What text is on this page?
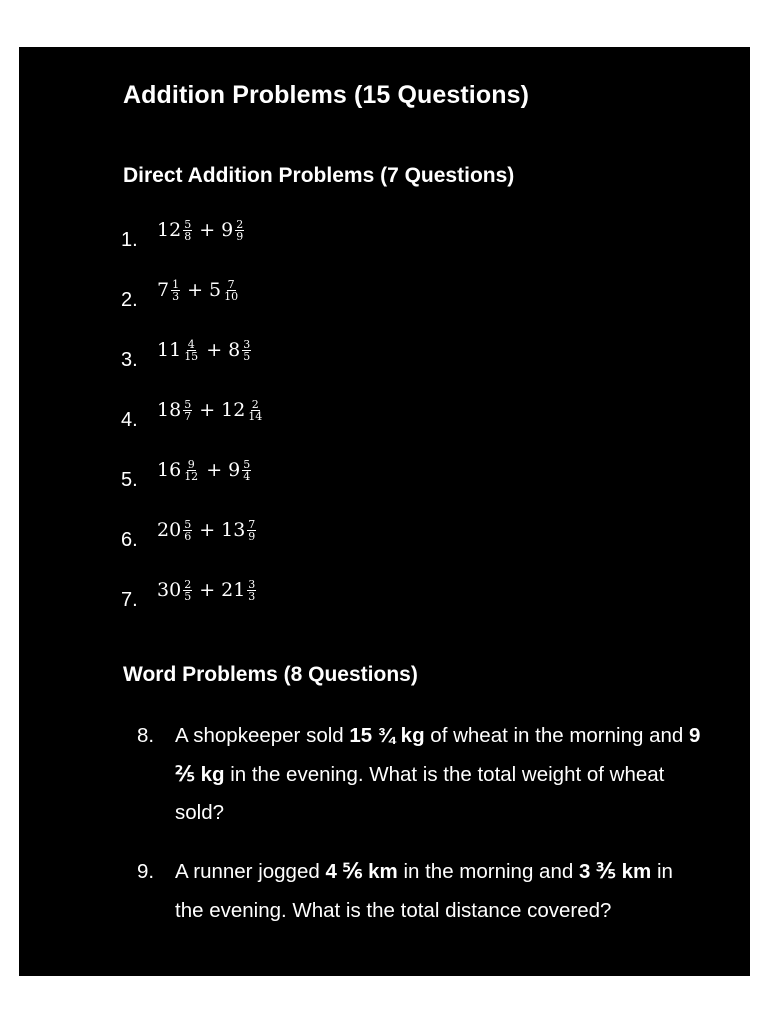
Addition Problems (15 Questions)
Direct Addition Problems (7 Questions)
1.	$12 \frac{5}{8} + 9 \frac{2}{9}$
2.	$7 \frac{1}{3} + 5 \frac{7}{10}$
3.	$11 \frac{4}{15} + 8 \frac{3}{5}$
4.	$18 \frac{5}{7} + 12 \frac{2}{14}$
5.	$16 \frac{9}{12} + 9 \frac{5}{4}$
6.	$20 \frac{5}{6} + 13 \frac{7}{9}$
7.	$30 \frac{2}{5} + 21 \frac{3}{3}$
Word Problems (8 Questions)
8. A shopkeeper sold 15 ¾ kg of wheat in the morning and 9 ⅖ kg in the evening. What is the total weight of wheat sold?
9. A runner jogged 4 ⅚ km in the morning and 3 ⅗ km in the evening. What is the total distance covered?
